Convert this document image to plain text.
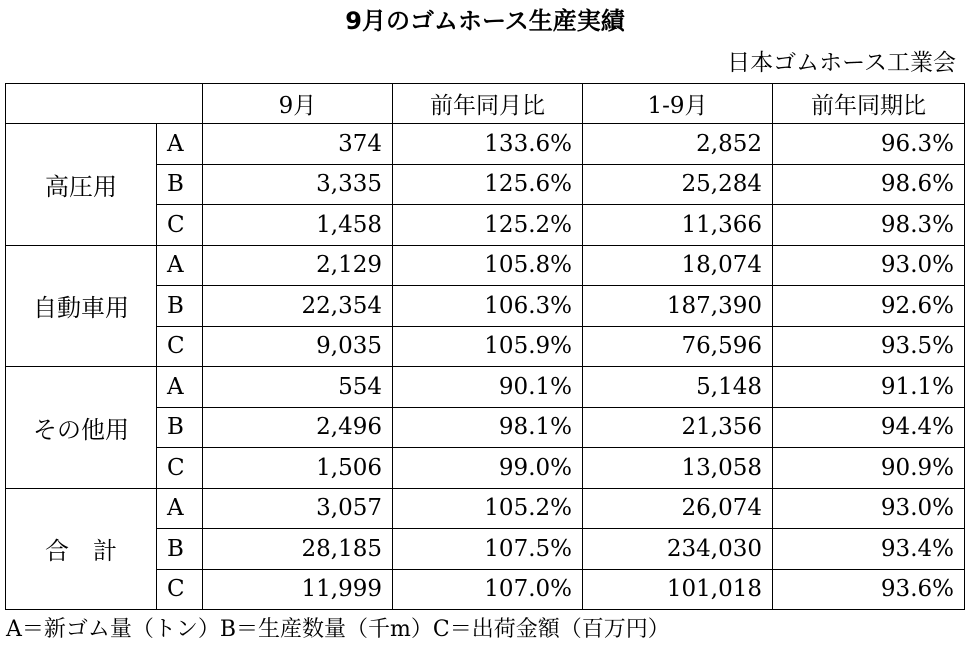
9月のゴムホース生産実績
日本ゴムホース工業会
		9月	前年同月比	1-9月	前年同期比
高圧用	A	374	133.6%	2,852	96.3%
	B	3,335	125.6%	25,284	98.6%
	C	1,458	125.2%	11,366	98.3%
自動車用	A	2,129	105.8%	18,074	93.0%
	B	22,354	106.3%	187,390	92.6%
	C	9,035	105.9%	76,596	93.5%
その他用	A	554	90.1%	5,148	91.1%
	B	2,496	98.1%	21,356	94.4%
	C	1,506	99.0%	13,058	90.9%
合　計	A	3,057	105.2%	26,074	93.0%
	B	28,185	107.5%	234,030	93.4%
	C	11,999	107.0%	101,018	93.6%
A＝新ゴム量（トン）B＝生産数量（千m）C＝出荷金額（百万円）
